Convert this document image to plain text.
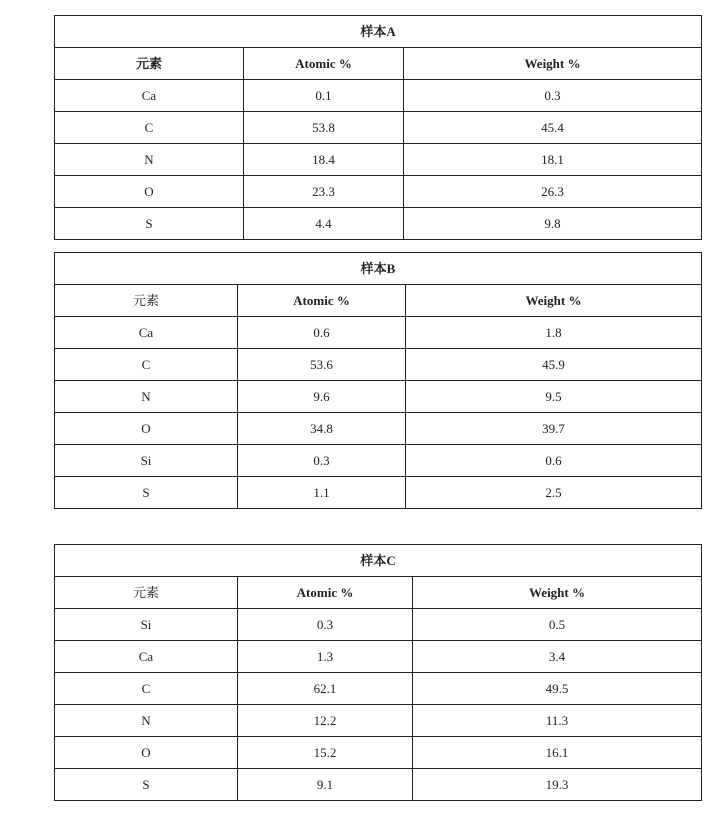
样本A		
元素	Atomic %	Weight %
Ca	0.1	0.3
C	53.8	45.4
N	18.4	18.1
O	23.3	26.3
S	4.4	9.8
样本B		
元素	Atomic %	Weight %
Ca	0.6	1.8
C	53.6	45.9
N	9.6	9.5
O	34.8	39.7
Si	0.3	0.6
S	1.1	2.5
样本C		
元素	Atomic %	Weight %
Si	0.3	0.5
Ca	1.3	3.4
C	62.1	49.5
N	12.2	11.3
O	15.2	16.1
S	9.1	19.3
